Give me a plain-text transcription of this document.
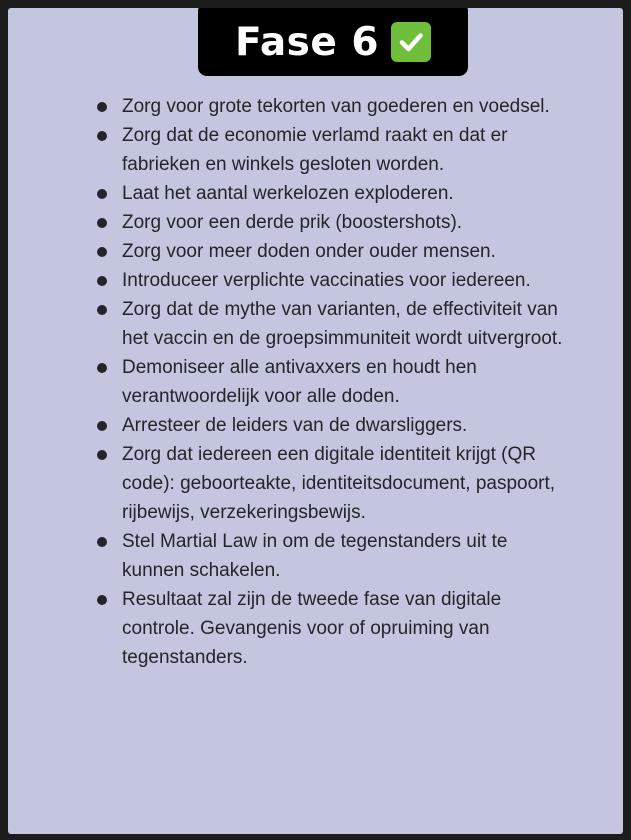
Fase 6
Zorg voor grote tekorten van goederen en voedsel.
Zorg dat de economie verlamd raakt en dat er fabrieken en winkels gesloten worden.
Laat het aantal werkelozen exploderen.
Zorg voor een derde prik (boostershots).
Zorg voor meer doden onder ouder mensen.
Introduceer verplichte vaccinaties voor iedereen.
Zorg dat de mythe van varianten, de effectiviteit van het vaccin en de groepsimmuniteit wordt uitvergroot.
Demoniseer alle antivaxxers en houdt hen verantwoordelijk voor alle doden.
Arresteer de leiders van de dwarsliggers.
Zorg dat iedereen een digitale identiteit krijgt (QR code): geboorteakte, identiteitsdocument, paspoort, rijbewijs, verzekeringsbewijs.
Stel Martial Law in om de tegenstanders uit te kunnen schakelen.
Resultaat zal zijn de tweede fase van digitale controle. Gevangenis voor of opruiming van tegenstanders.
